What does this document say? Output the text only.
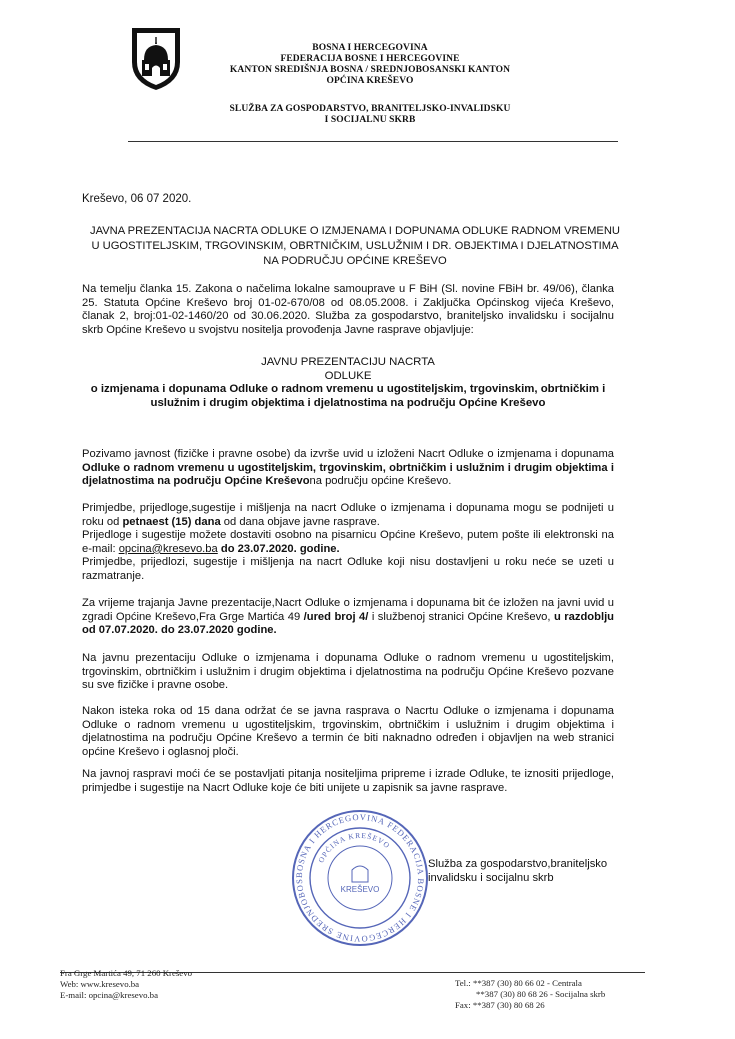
BOSNA I HERCEGOVINA
FEDERACIJA BOSNE I HERCEGOVINE
KANTON SREDIŠNJA BOSNA / SREDNJOBOSANSKI KANTON
OPĆINA KREŠEVO
SLUŽBA ZA GOSPODARSTVO, BRANITELJSKO-INVALIDSKU
I SOCIJALNU SKRB
Kreševo, 06 07 2020.
JAVNA PREZENTACIJA NACRTA ODLUKE O IZMJENAMA I DOPUNAMA ODLUKE RADNOM VREMENU U UGOSTITELJSKIM, TRGOVINSKIM, OBRTNIČKIM, USLUŽNIM I DR. OBJEKTIMA I DJELATNOSTIMA NA PODRUČJU OPĆINE KREŠEVO
Na temelju članka 15. Zakona o načelima lokalne samouprave u F BiH (Sl. novine FBiH br. 49/06), članka 25. Statuta Općine Kreševo broj 01-02-670/08 od 08.05.2008. i Zaključka Općinskog vijeća Kreševo, članak 2, broj:01-02-1460/20 od 30.06.2020. Služba za gospodarstvo, braniteljsko invalidsku i socijalnu skrb Općine Kreševo u svojstvu nositelja provođenja Javne rasprave objavljuje:
JAVNU PREZENTACIJU NACRTA
ODLUKE
o izmjenama i dopunama Odluke o radnom vremenu u ugostiteljskim, trgovinskim, obrtničkim i uslužnim i drugim objektima i djelatnostima na području Općine Kreševo
Pozivamo javnost (fizičke i pravne osobe) da izvrše uvid u izloženi Nacrt Odluke o izmjenama i dopunama Odluke o radnom vremenu u ugostiteljskim, trgovinskim, obrtničkim i uslužnim i drugim objektima i djelatnostima na području Općine Kreševona području općine Kreševo.
Primjedbe, prijedloge,sugestije i mišljenja na nacrt Odluke o izmjenama i dopunama mogu se podnijeti u roku od petnaest (15) dana od dana objave javne rasprave.
Prijedloge i sugestije možete dostaviti osobno na pisarnicu Općine Kreševo, putem pošte ili elektronski na e-mail: opcina@kresevo.ba do 23.07.2020. godine.
Primjedbe, prijedlozi, sugestije i mišljenja na nacrt Odluke koji nisu dostavljeni u roku neće se uzeti u razmatranje.
Za vrijeme trajanja Javne prezentacije,Nacrt Odluke o izmjenama i dopunama bit će izložen na javni uvid u zgradi Općine Kreševo,Fra Grge Martića 49 /ured broj 4/ i službenoj stranici Općine Kreševo, u razdoblju od 07.07.2020. do 23.07.2020 godine.
Na javnu prezentaciju Odluke o izmjenama i dopunama Odluke o radnom vremenu u ugostiteljskim, trgovinskim, obrtničkim i uslužnim i drugim objektima i djelatnostima na području Općine Kreševo pozvane su sve fizičke i pravne osobe.
Nakon isteka roka od 15 dana održat će se javna rasprava o Nacrtu Odluke o izmjenama i dopunama Odluke o radnom vremenu u ugostiteljskim, trgovinskim, obrtničkim i uslužnim i drugim objektima i djelatnostima na području Općine Kreševo a termin će biti naknadno određen i objavljen na web stranici općine Kreševo i oglasnoj ploči.
Na javnoj raspravi moći će se postavljati pitanja nositeljima pripreme i izrade Odluke, te iznositi prijedloge, primjedbe i sugestije na Nacrt Odluke koje će biti unijete u zapisnik sa javne rasprave.
BOSNA I HERCEGOVINA FEDERACIJA BOSNE I HERCEGOVINE SREDNJOBOS
OPĆINA KREŠEVO
KREŠEVO
Služba za gospodarstvo,braniteljsko
invalidsku i socijalnu skrb
Fra Grge Martića 49, 71 260 Kreševo
Web: www.kresevo.ba
E-mail: opcina@kresevo.ba
Tel.: **387 (30) 80 66 02 - Centrala
**387 (30) 80 68 26 - Socijalna skrb
Fax: **387 (30) 80 68 26
